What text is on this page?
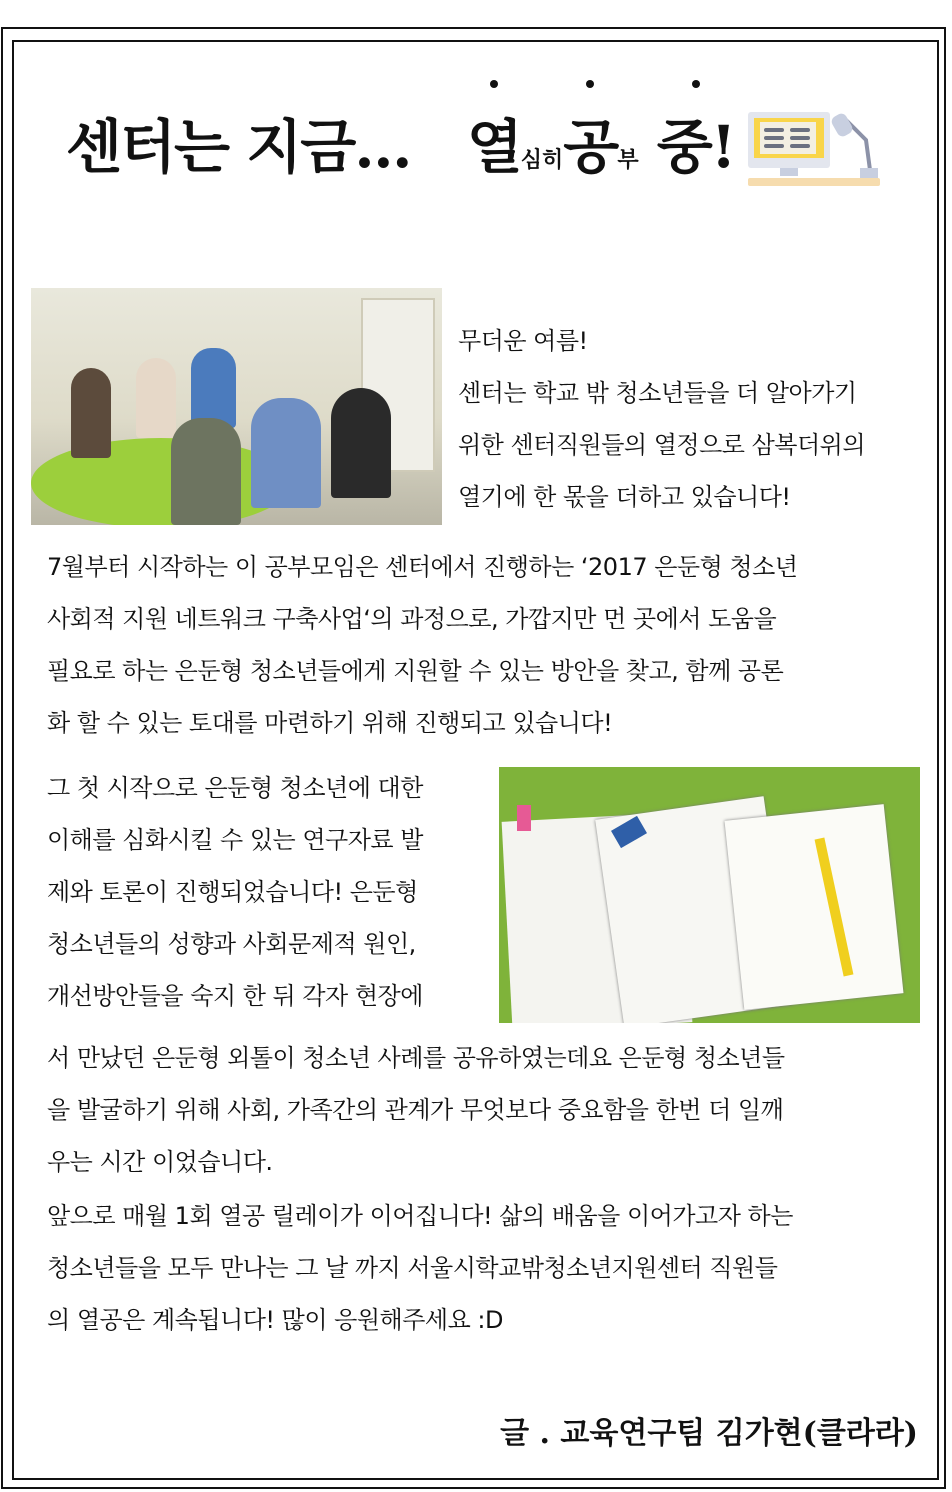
센터는 지금… 열심히공부 중!
무더운 여름!
센터는 학교 밖 청소년들을 더 알아가기
위한 센터직원들의 열정으로 삼복더위의
열기에 한 몫을 더하고 있습니다!
7월부터 시작하는 이 공부모임은 센터에서 진행하는 ‘2017 은둔형 청소년
사회적 지원 네트워크 구축사업‘의 과정으로, 가깝지만 먼 곳에서 도움을
필요로 하는 은둔형 청소년들에게 지원할 수 있는 방안을 찾고, 함께 공론
화 할 수 있는 토대를 마련하기 위해 진행되고 있습니다!
그 첫 시작으로 은둔형 청소년에 대한
이해를 심화시킬 수 있는 연구자료 발
제와 토론이 진행되었습니다! 은둔형
청소년들의 성향과 사회문제적 원인,
개선방안들을 숙지 한 뒤 각자 현장에
서 만났던 은둔형 외톨이 청소년 사례를 공유하였는데요 은둔형 청소년들
을 발굴하기 위해 사회, 가족간의 관계가 무엇보다 중요함을 한번 더 일깨
우는 시간 이었습니다.
앞으로 매월 1회 열공 릴레이가 이어집니다! 삶의 배움을 이어가고자 하는
청소년들을 모두 만나는 그 날 까지 서울시학교밖청소년지원센터 직원들
의 열공은 계속됩니다! 많이 응원해주세요 :D
글 . 교육연구팀 김가현(클라라)
